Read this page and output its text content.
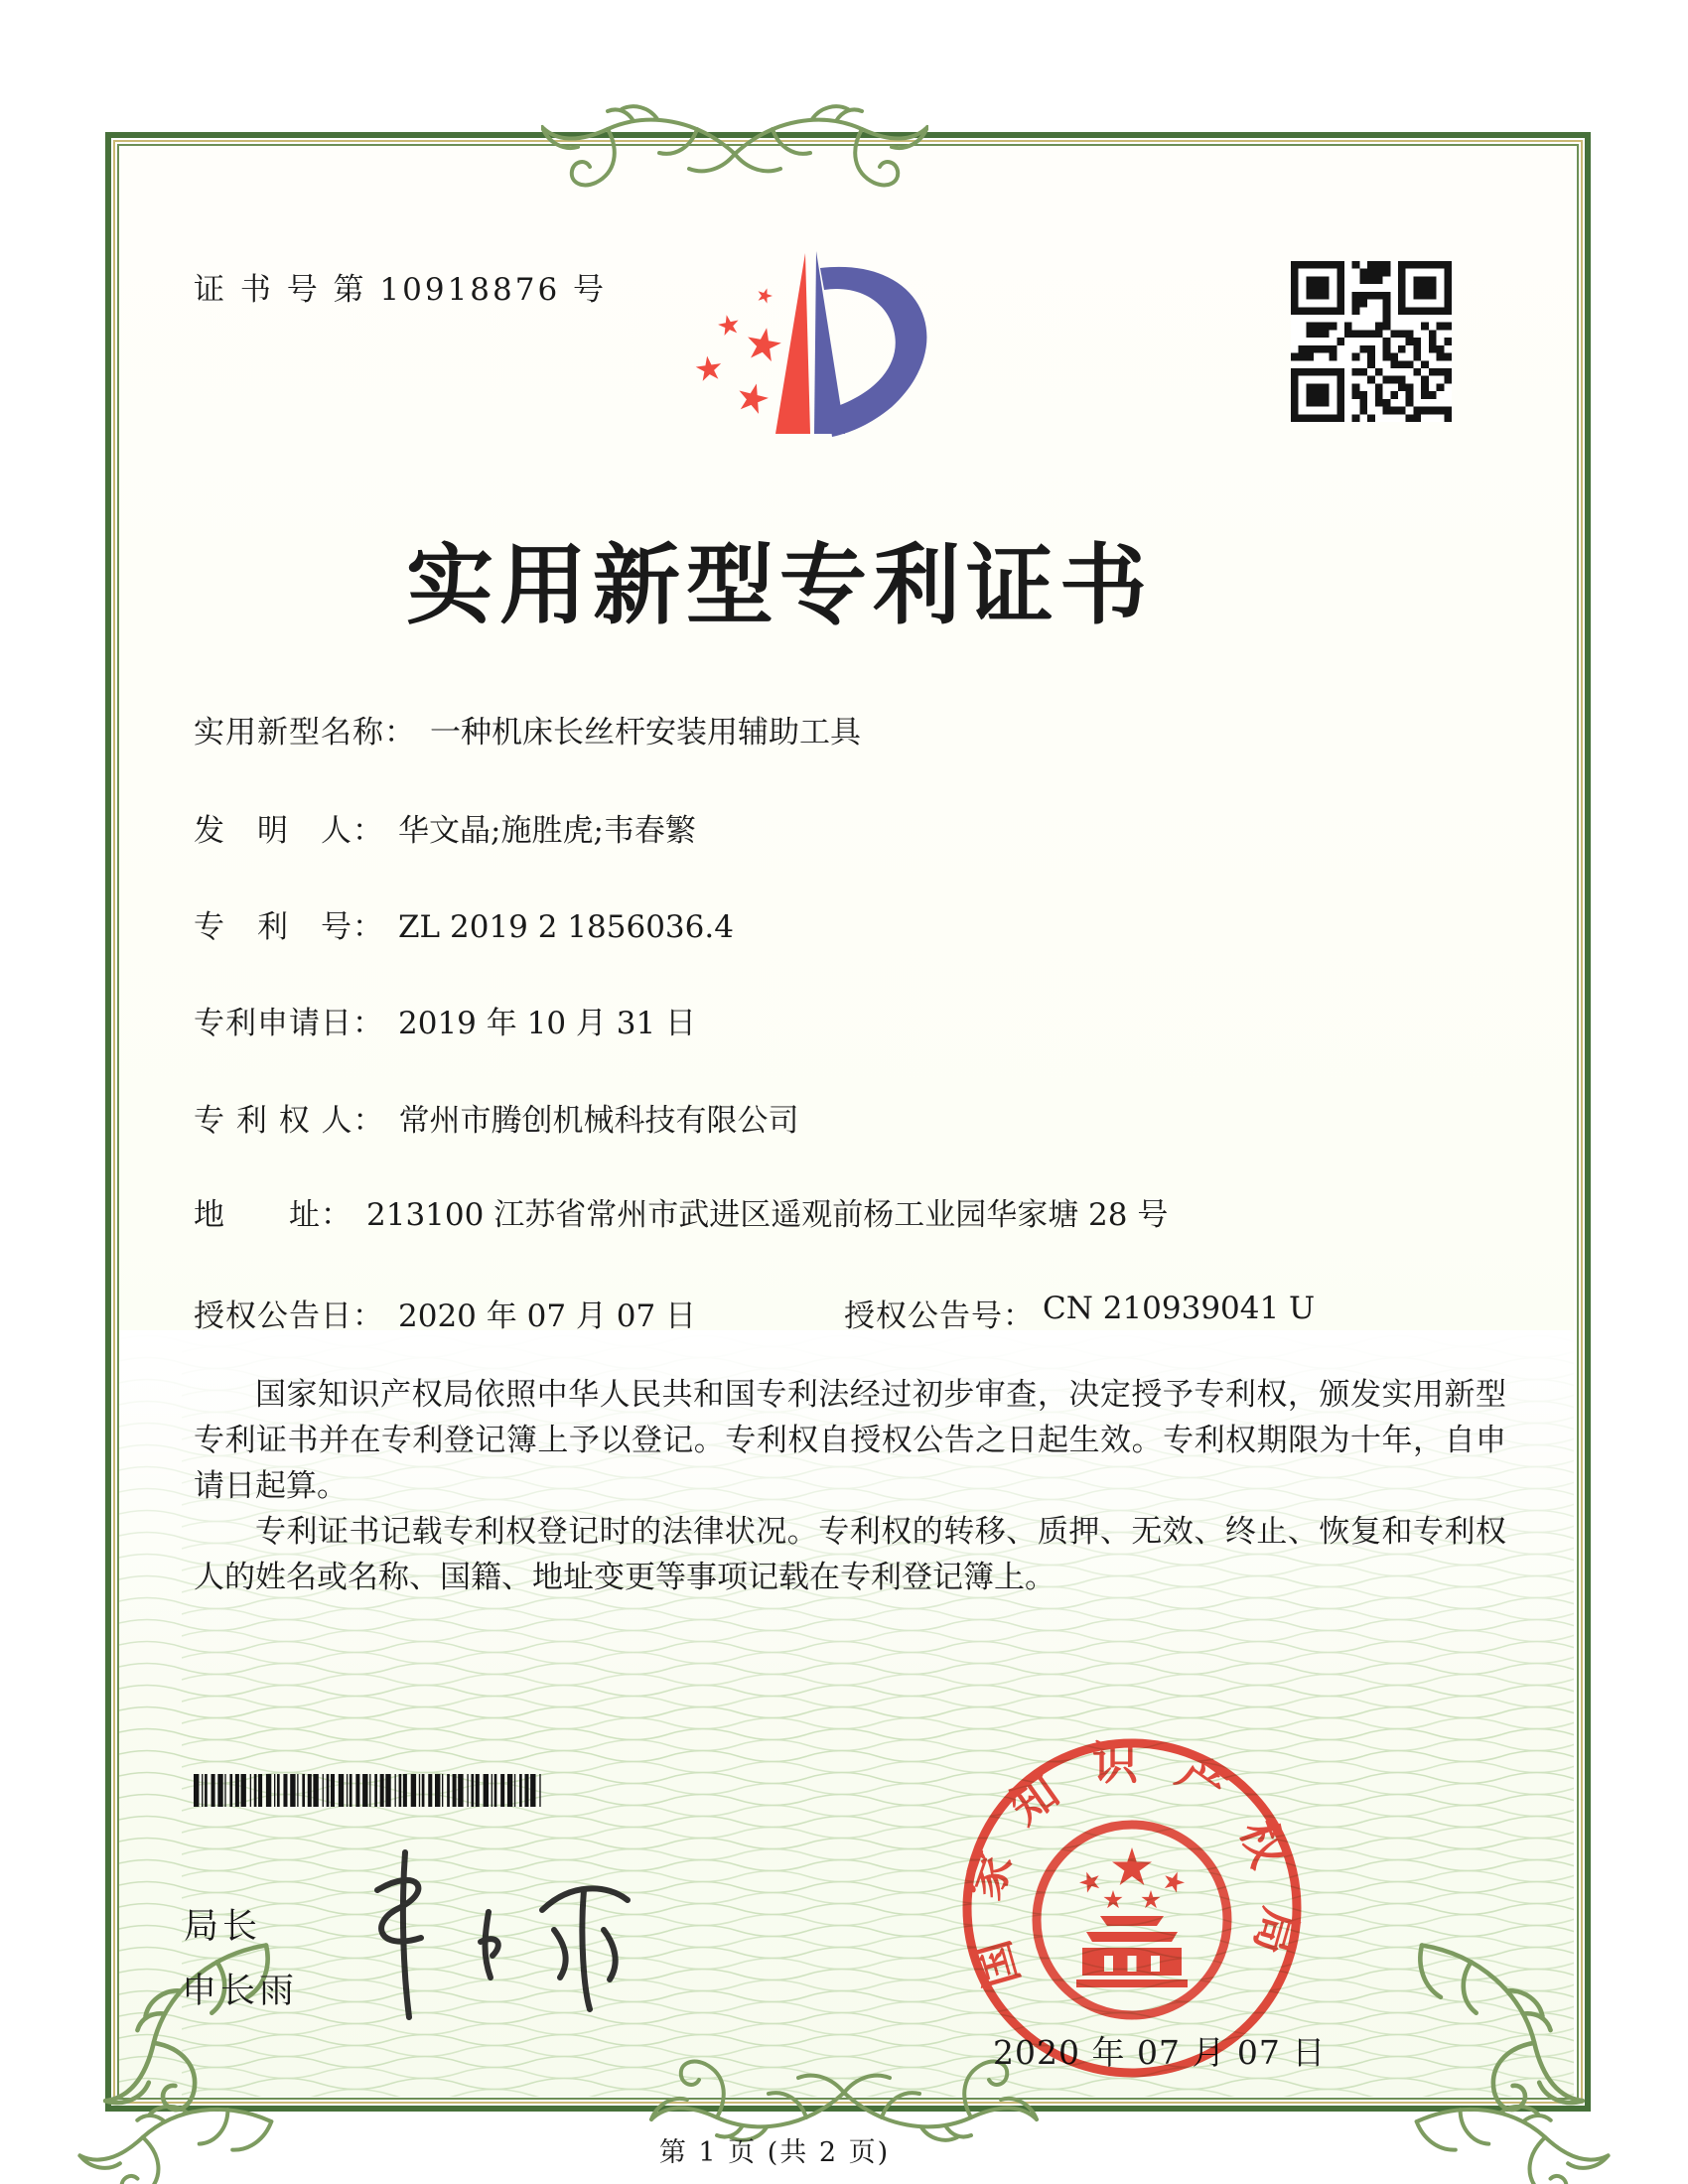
证 书 号 第 10918876 号
实用新型专利证书
实用新型名称： 一种机床长丝杆安装用辅助工具
发　明　人： 华文晶;施胜虎;韦春繁
专　利　号： ZL 2019 2 1856036.4
专利申请日： 2019 年 10 月 31 日
专 利 权 人： 常州市腾创机械科技有限公司
地　　址： 213100 江苏省常州市武进区遥观前杨工业园华家塘 28 号
授权公告日： 2020 年 07 月 07 日	授权公告号： CN 210939041 U

国家知识产权局依照中华人民共和国专利法经过初步审查，决定授予专利权，颁发实用新型专利证书并在专利登记簿上予以登记。专利权自授权公告之日起生效。专利权期限为十年，自申请日起算。

专利证书记载专利权登记时的法律状况。专利权的转移、质押、无效、终止、恢复和专利权人的姓名或名称、国籍、地址变更等事项记载在专利登记簿上。

局长
申长雨
2020 年 07 月 07 日
国家知识产权局
第 1 页 (共 2 页)
